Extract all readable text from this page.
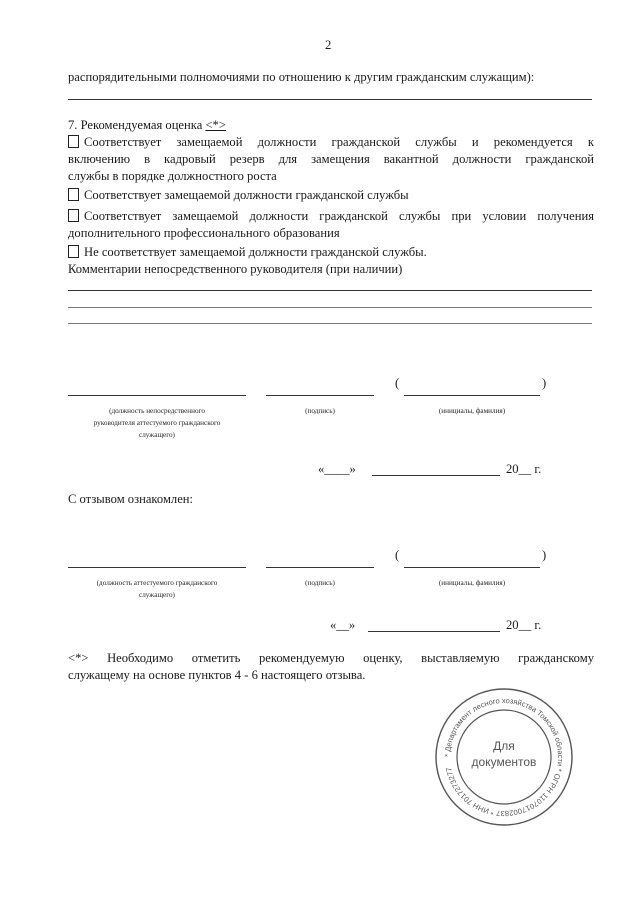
2
распорядительными полномочиями по отношению к другим гражданским служащим):
7. Рекомендуемая оценка <*>
Соответствует замещаемой должности гражданской службы и рекомендуется к
включению в кадровый резерв для замещения вакантной должности гражданской
службы в порядке должностного роста
Соответствует замещаемой должности гражданской службы
Соответствует замещаемой должности гражданской службы при условии получения
дополнительного профессионального образования
Не соответствует замещаемой должности гражданской службы.
Комментарии непосредственного руководителя (при наличии)
(	)
(должность непосредственного
руководителя аттестуемого гражданского
служащего)
(подпись)	(инициалы, фамилия)
«____»	20__ г.
С отзывом ознакомлен:
(	)
(должность аттестуемого гражданского
служащего)
(подпись)	(инициалы, фамилия)
«__»	20__ г.
<*> Необходимо отметить рекомендуемую оценку, выставляемую гражданскому
служащему на основе пунктов 4 - 6 настоящего отзыва.
* Департамент лесного хозяйства Томской области * ОГРН 1107017002837 * ИНН 7017273277
Для
документов
